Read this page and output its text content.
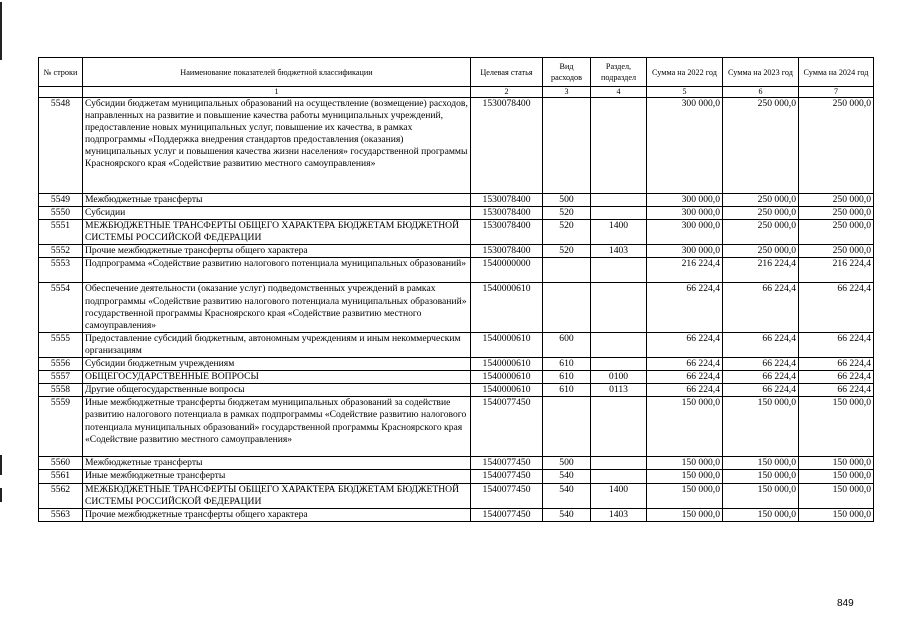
№ строки	Наименование показателей бюджетной классификации	Целевая статья	Вид расходов	Раздел, подраздел	Сумма на 2022 год	Сумма на 2023 год	Сумма на 2024 год
	1	2	3	4	5	6	7
5548	Субсидии бюджетам муниципальных образований на осуществление (возмещение) расходов, направленных на развитие и повышение качества работы муниципальных учреждений, предоставление новых муниципальных услуг, повышение их качества, в рамках подпрограммы «Поддержка внедрения стандартов предоставления (оказания) муниципальных услуг и повышения качества жизни населения» государственной программы Красноярского края «Содействие развитию местного самоуправления»	1530078400			300 000,0	250 000,0	250 000,0
5549	Межбюджетные трансферты	1530078400	500		300 000,0	250 000,0	250 000,0
5550	Субсидии	1530078400	520		300 000,0	250 000,0	250 000,0
5551	МЕЖБЮДЖЕТНЫЕ ТРАНСФЕРТЫ ОБЩЕГО ХАРАКТЕРА БЮДЖЕТАМ БЮДЖЕТНОЙ СИСТЕМЫ РОССИЙСКОЙ ФЕДЕРАЦИИ	1530078400	520	1400	300 000,0	250 000,0	250 000,0
5552	Прочие межбюджетные трансферты общего характера	1530078400	520	1403	300 000,0	250 000,0	250 000,0
5553	Подпрограмма «Содействие развитию налогового потенциала муниципальных образований»	1540000000			216 224,4	216 224,4	216 224,4
5554	Обеспечение деятельности (оказание услуг) подведомственных учреждений в рамках подпрограммы «Содействие развитию налогового потенциала муниципальных образований» государственной программы Красноярского края «Содействие развитию местного самоуправления»	1540000610			66 224,4	66 224,4	66 224,4
5555	Предоставление субсидий бюджетным, автономным учреждениям и иным некоммерческим организациям	1540000610	600		66 224,4	66 224,4	66 224,4
5556	Субсидии бюджетным учреждениям	1540000610	610		66 224,4	66 224,4	66 224,4
5557	ОБЩЕГОСУДАРСТВЕННЫЕ ВОПРОСЫ	1540000610	610	0100	66 224,4	66 224,4	66 224,4
5558	Другие общегосударственные вопросы	1540000610	610	0113	66 224,4	66 224,4	66 224,4
5559	Иные межбюджетные трансферты бюджетам муниципальных образований за содействие развитию налогового потенциала в рамках подпрограммы «Содействие развитию налогового потенциала муниципальных образований» государственной программы Красноярского края «Содействие развитию местного самоуправления»	1540077450			150 000,0	150 000,0	150 000,0
5560	Межбюджетные трансферты	1540077450	500		150 000,0	150 000,0	150 000,0
5561	Иные межбюджетные трансферты	1540077450	540		150 000,0	150 000,0	150 000,0
5562	МЕЖБЮДЖЕТНЫЕ ТРАНСФЕРТЫ ОБЩЕГО ХАРАКТЕРА БЮДЖЕТАМ БЮДЖЕТНОЙ СИСТЕМЫ РОССИЙСКОЙ ФЕДЕРАЦИИ	1540077450	540	1400	150 000,0	150 000,0	150 000,0
5563	Прочие межбюджетные трансферты общего характера	1540077450	540	1403	150 000,0	150 000,0	150 000,0
849
